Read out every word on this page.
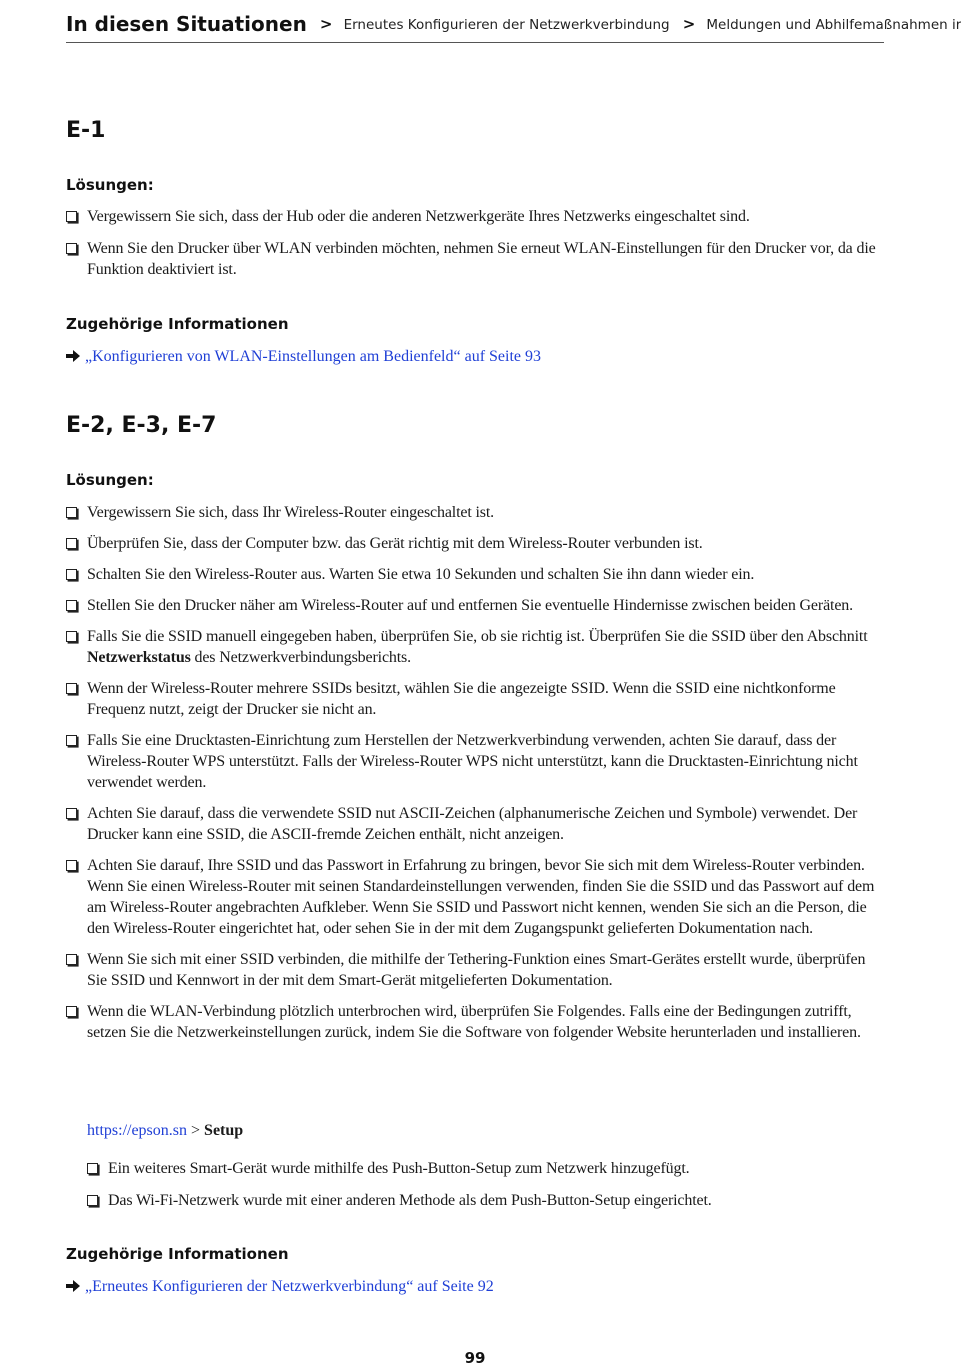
In diesen Situationen > Erneutes Konfigurieren der Netzwerkverbindung > Meldungen und Abhilfemaßnahmen ir
E-1
Lösungen:
Vergewissern Sie sich, dass der Hub oder die anderen Netzwerkgeräte Ihres Netzwerks eingeschaltet sind.
Wenn Sie den Drucker über WLAN verbinden möchten, nehmen Sie erneut WLAN-Einstellungen für den Drucker vor, da die Funktion deaktiviert ist.
Zugehörige Informationen
„Konfigurieren von WLAN-Einstellungen am Bedienfeld“ auf Seite 93
E-2, E-3, E-7
Lösungen:
Vergewissern Sie sich, dass Ihr Wireless-Router eingeschaltet ist.
Überprüfen Sie, dass der Computer bzw. das Gerät richtig mit dem Wireless-Router verbunden ist.
Schalten Sie den Wireless-Router aus. Warten Sie etwa 10 Sekunden und schalten Sie ihn dann wieder ein.
Stellen Sie den Drucker näher am Wireless-Router auf und entfernen Sie eventuelle Hindernisse zwischen beiden Geräten.
Falls Sie die SSID manuell eingegeben haben, überprüfen Sie, ob sie richtig ist. Überprüfen Sie die SSID über den Abschnitt Netzwerkstatus des Netzwerkverbindungsberichts.
Wenn der Wireless-Router mehrere SSIDs besitzt, wählen Sie die angezeigte SSID. Wenn die SSID eine nichtkonforme Frequenz nutzt, zeigt der Drucker sie nicht an.
Falls Sie eine Drucktasten-Einrichtung zum Herstellen der Netzwerkverbindung verwenden, achten Sie darauf, dass der Wireless-Router WPS unterstützt. Falls der Wireless-Router WPS nicht unterstützt, kann die Drucktasten-Einrichtung nicht verwendet werden.
Achten Sie darauf, dass die verwendete SSID nut ASCII-Zeichen (alphanumerische Zeichen und Symbole) verwendet. Der Drucker kann eine SSID, die ASCII-fremde Zeichen enthält, nicht anzeigen.
Achten Sie darauf, Ihre SSID und das Passwort in Erfahrung zu bringen, bevor Sie sich mit dem Wireless-Router verbinden. Wenn Sie einen Wireless-Router mit seinen Standardeinstellungen verwenden, finden Sie die SSID und das Passwort auf dem am Wireless-Router angebrachten Aufkleber. Wenn Sie SSID und Passwort nicht kennen, wenden Sie sich an die Person, die den Wireless-Router eingerichtet hat, oder sehen Sie in der mit dem Zugangspunkt gelieferten Dokumentation nach.
Wenn Sie sich mit einer SSID verbinden, die mithilfe der Tethering-Funktion eines Smart-Gerätes erstellt wurde, überprüfen Sie SSID und Kennwort in der mit dem Smart-Gerät mitgelieferten Dokumentation.
Wenn die WLAN-Verbindung plötzlich unterbrochen wird, überprüfen Sie Folgendes. Falls eine der Bedingungen zutrifft, setzen Sie die Netzwerkeinstellungen zurück, indem Sie die Software von folgender Website herunterladen und installieren.
https://epson.sn > Setup
Ein weiteres Smart-Gerät wurde mithilfe des Push-Button-Setup zum Netzwerk hinzugefügt.
Das Wi-Fi-Netzwerk wurde mit einer anderen Methode als dem Push-Button-Setup eingerichtet.
Zugehörige Informationen
„Erneutes Konfigurieren der Netzwerkverbindung“ auf Seite 92
99
